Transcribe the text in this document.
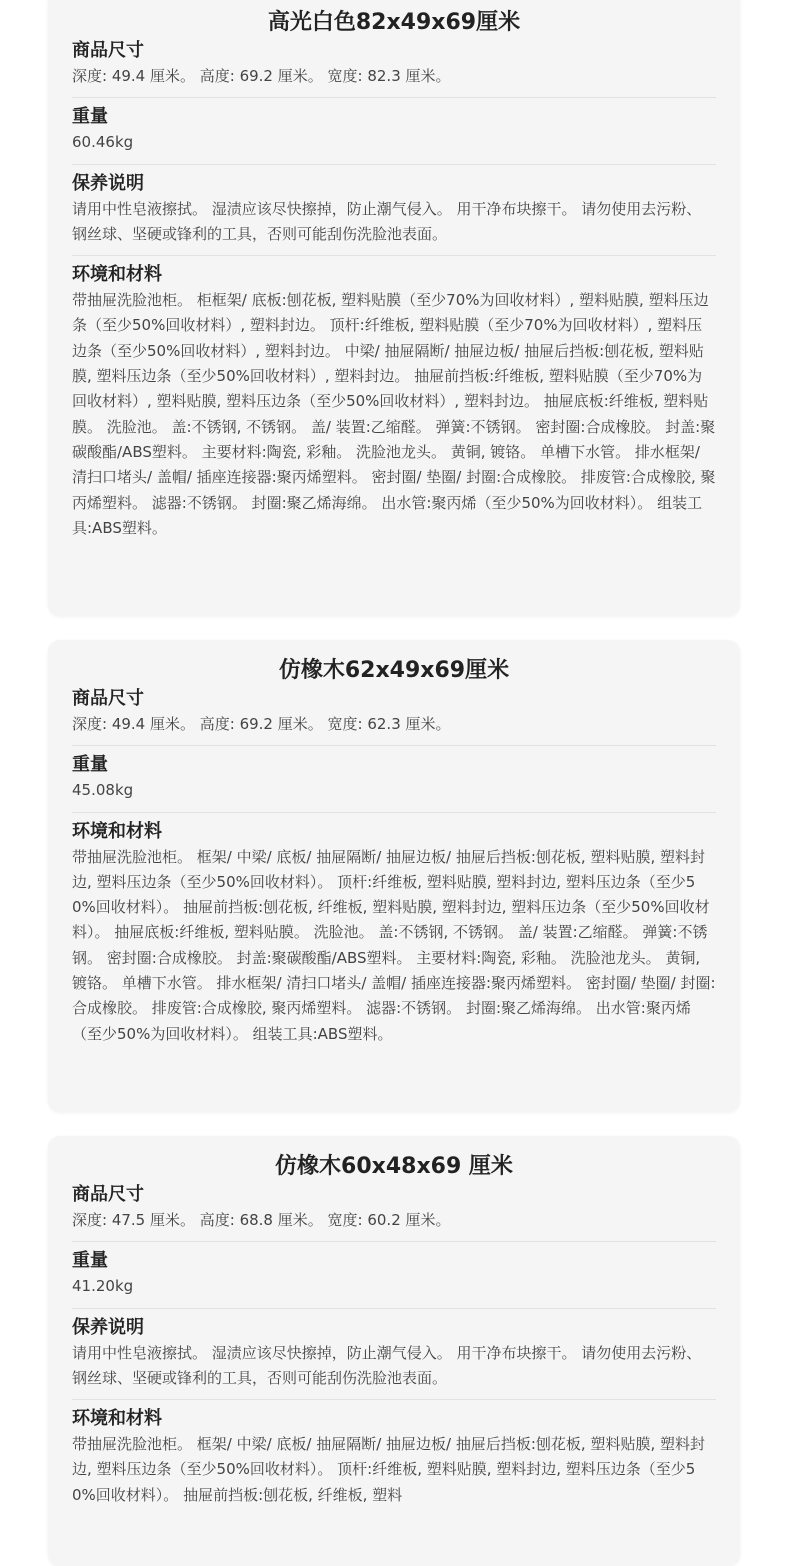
高光白色82x49x69厘米
商品尺寸

深度: 49.4 厘米。 高度: 69.2 厘米。 宽度: 82.3 厘米。

重量

60.46kg

保养说明

请用中性皂液擦拭。 湿渍应该尽快擦掉，防止潮气侵入。 用干净布块擦干。 请勿使用去污粉、钢丝球、坚硬或锋利的工具，否则可能刮伤洗脸池表面。

环境和材料

带抽屉洗脸池柜。 柜框架/ 底板:刨花板, 塑料贴膜（至少70%为回收材料）, 塑料贴膜, 塑料压边条（至少50%回收材料）, 塑料封边。 顶杆:纤维板, 塑料贴膜（至少70%为回收材料）, 塑料压边条（至少50%回收材料）, 塑料封边。 中梁/ 抽屉隔断/ 抽屉边板/ 抽屉后挡板:刨花板, 塑料贴膜, 塑料压边条（至少50%回收材料）, 塑料封边。 抽屉前挡板:纤维板, 塑料贴膜（至少70%为回收材料）, 塑料贴膜, 塑料压边条（至少50%回收材料）, 塑料封边。 抽屉底板:纤维板, 塑料贴膜。 洗脸池。 盖:不锈钢, 不锈钢。 盖/ 装置:乙缩醛。 弹簧:不锈钢。 密封圈:合成橡胶。 封盖:聚碳酸酯/ABS塑料。 主要材料:陶瓷, 彩釉。 洗脸池龙头。 黄铜, 镀铬。 单槽下水管。 排水框架/ 清扫口堵头/ 盖帽/ 插座连接器:聚丙烯塑料。 密封圈/ 垫圈/ 封圈:合成橡胶。 排废管:合成橡胶, 聚丙烯塑料。 滤器:不锈钢。 封圈:聚乙烯海绵。 出水管:聚丙烯（至少50%为回收材料）。 组装工具:ABS塑料。

仿橡木62x49x69厘米
商品尺寸

深度: 49.4 厘米。 高度: 69.2 厘米。 宽度: 62.3 厘米。

重量

45.08kg

环境和材料

带抽屉洗脸池柜。 框架/ 中梁/ 底板/ 抽屉隔断/ 抽屉边板/ 抽屉后挡板:刨花板, 塑料贴膜, 塑料封边, 塑料压边条（至少50%回收材料）。 顶杆:纤维板, 塑料贴膜, 塑料封边, 塑料压边条（至少50%回收材料）。 抽屉前挡板:刨花板, 纤维板, 塑料贴膜, 塑料封边, 塑料压边条（至少50%回收材料）。 抽屉底板:纤维板, 塑料贴膜。 洗脸池。 盖:不锈钢, 不锈钢。 盖/ 装置:乙缩醛。 弹簧:不锈钢。 密封圈:合成橡胶。 封盖:聚碳酸酯/ABS塑料。 主要材料:陶瓷, 彩釉。 洗脸池龙头。 黄铜, 镀铬。 单槽下水管。 排水框架/ 清扫口堵头/ 盖帽/ 插座连接器:聚丙烯塑料。 密封圈/ 垫圈/ 封圈:合成橡胶。 排废管:合成橡胶, 聚丙烯塑料。 滤器:不锈钢。 封圈:聚乙烯海绵。 出水管:聚丙烯（至少50%为回收材料）。 组装工具:ABS塑料。

仿橡木60x48x69 厘米
商品尺寸

深度: 47.5 厘米。 高度: 68.8 厘米。 宽度: 60.2 厘米。

重量

41.20kg

保养说明

请用中性皂液擦拭。 湿渍应该尽快擦掉，防止潮气侵入。 用干净布块擦干。 请勿使用去污粉、钢丝球、坚硬或锋利的工具，否则可能刮伤洗脸池表面。

环境和材料

带抽屉洗脸池柜。 框架/ 中梁/ 底板/ 抽屉隔断/ 抽屉边板/ 抽屉后挡板:刨花板, 塑料贴膜, 塑料封边, 塑料压边条（至少50%回收材料）。 顶杆:纤维板, 塑料贴膜, 塑料封边, 塑料压边条（至少50%回收材料）。 抽屉前挡板:刨花板, 纤维板, 塑料
